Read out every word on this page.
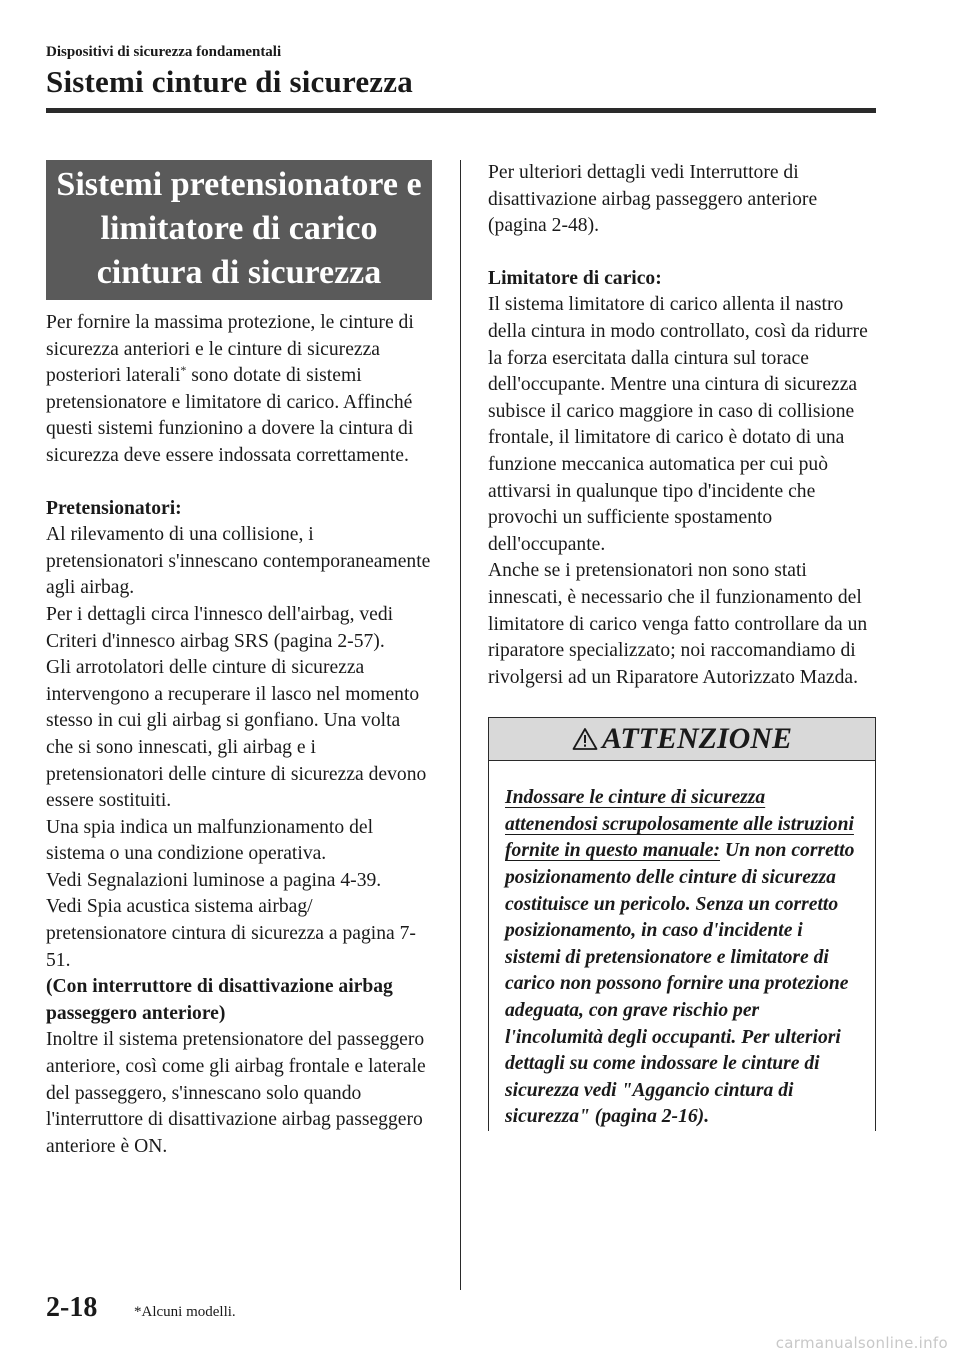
Dispositivi di sicurezza fondamentali
Sistemi cinture di sicurezza
Sistemi pretensionatore e limitatore di carico cintura di sicurezza

Per fornire la massima protezione, le cinture di sicurezza anteriori e le cinture di sicurezza posteriori laterali* sono dotate di sistemi pretensionatore e limitatore di carico. Affinché questi sistemi funzionino a dovere la cintura di sicurezza deve essere indossata correttamente.

Pretensionatori:

Al rilevamento di una collisione, i pretensionatori s'innescano contemporaneamente agli airbag.

Per i dettagli circa l'innesco dell'airbag, vedi Criteri d'innesco airbag SRS (pagina 2-57).

Gli arrotolatori delle cinture di sicurezza intervengono a recuperare il lasco nel momento stesso in cui gli airbag si gonfiano. Una volta che si sono innescati, gli airbag e i pretensionatori delle cinture di sicurezza devono essere sostituiti.

Una spia indica un malfunzionamento del sistema o una condizione operativa.

Vedi Segnalazioni luminose a pagina 4-39.

Vedi Spia acustica sistema airbag/ pretensionatore cintura di sicurezza a pagina 7-51.

(Con interruttore di disattivazione airbag passeggero anteriore)

Inoltre il sistema pretensionatore del passeggero anteriore, così come gli airbag frontale e laterale del passeggero, s'innescano solo quando l'interruttore di disattivazione airbag passeggero anteriore è ON.

Per ulteriori dettagli vedi Interruttore di disattivazione airbag passeggero anteriore (pagina 2-48).

Limitatore di carico:

Il sistema limitatore di carico allenta il nastro della cintura in modo controllato, così da ridurre la forza esercitata dalla cintura sul torace dell'occupante. Mentre una cintura di sicurezza subisce il carico maggiore in caso di collisione frontale, il limitatore di carico è dotato di una funzione meccanica automatica per cui può attivarsi in qualunque tipo d'incidente che provochi un sufficiente spostamento dell'occupante.

Anche se i pretensionatori non sono stati innescati, è necessario che il funzionamento del limitatore di carico venga fatto controllare da un riparatore specializzato; noi raccomandiamo di rivolgersi ad un Riparatore Autorizzato Mazda.

ATTENZIONE

Indossare le cinture di sicurezza attenendosi scrupolosamente alle istruzioni fornite in questo manuale: Un non corretto posizionamento delle cinture di sicurezza costituisce un pericolo. Senza un corretto posizionamento, in caso d'incidente i sistemi di pretensionatore e limitatore di carico non possono fornire una protezione adeguata, con grave rischio per l'incolumità degli occupanti. Per ulteriori dettagli su come indossare le cinture di sicurezza vedi "Aggancio cintura di sicurezza" (pagina 2-16).

2-18 *Alcuni modelli.
carmanualsonline.info
